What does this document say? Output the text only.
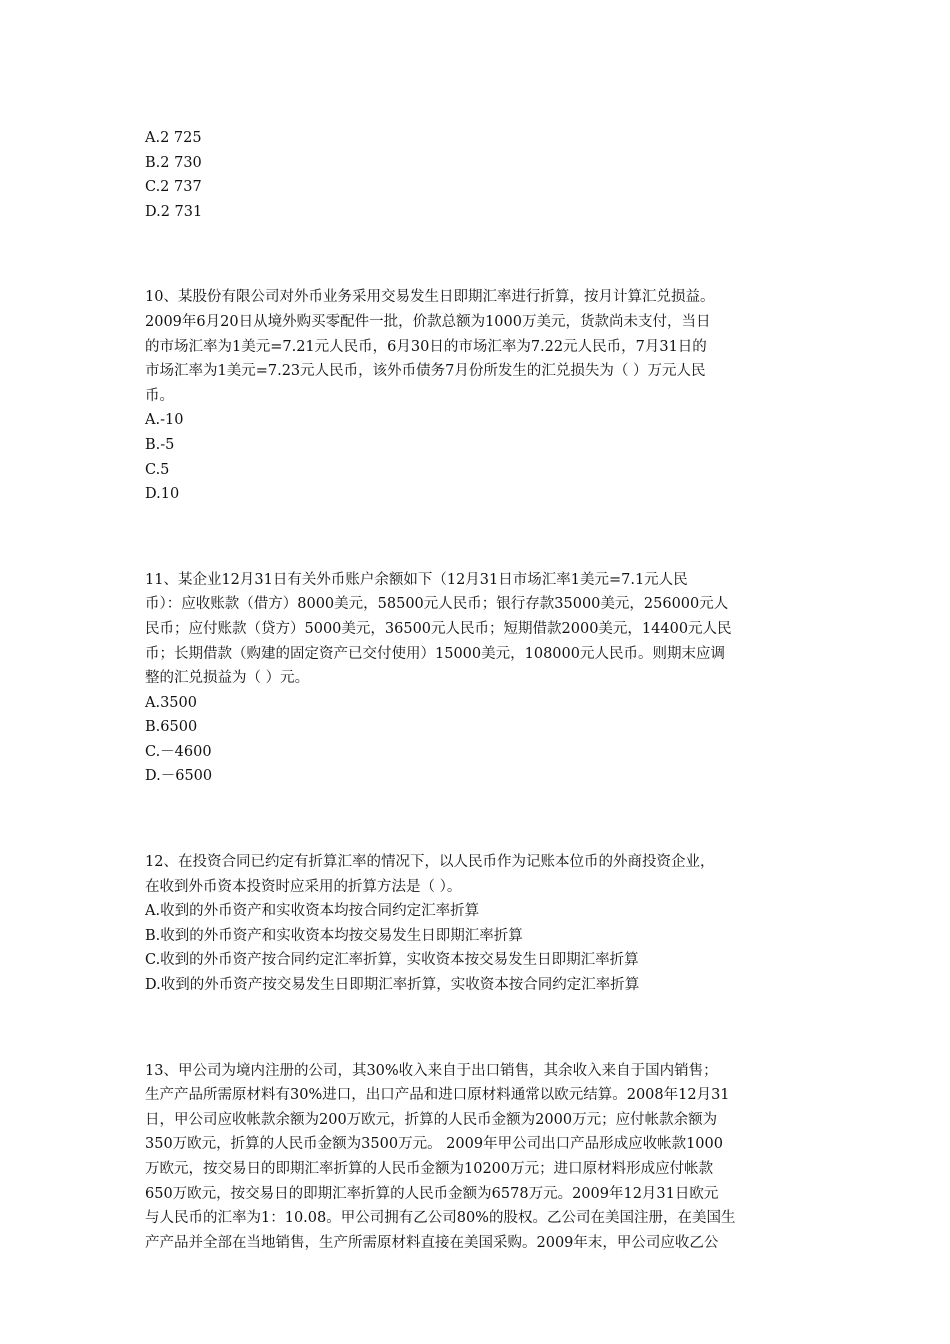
A.2 725
B.2 730
C.2 737
D.2 731
10、某股份有限公司对外币业务采用交易发生日即期汇率进行折算，按月计算汇兑损益。
2009年6月20日从境外购买零配件一批，价款总额为1000万美元，货款尚未支付，当日
的市场汇率为1美元=7.21元人民币，6月30日的市场汇率为7.22元人民币，7月31日的
市场汇率为1美元=7.23元人民币，该外币债务7月份所发生的汇兑损失为（ ）万元人民
币。
A.-10
B.-5
C.5
D.10
11、某企业12月31日有关外币账户余额如下（12月31日市场汇率1美元=7.1元人民
币）：应收账款（借方）8000美元，58500元人民币；银行存款35000美元，256000元人
民币；应付账款（贷方）5000美元，36500元人民币；短期借款2000美元，14400元人民
币；长期借款（购建的固定资产已交付使用）15000美元，108000元人民币。则期末应调
整的汇兑损益为（ ）元。
A.3500
B.6500
C.－4600
D.－6500
12、在投资合同已约定有折算汇率的情况下，以人民币作为记账本位币的外商投资企业，
在收到外币资本投资时应采用的折算方法是（ ）。
A.收到的外币资产和实收资本均按合同约定汇率折算
B.收到的外币资产和实收资本均按交易发生日即期汇率折算
C.收到的外币资产按合同约定汇率折算，实收资本按交易发生日即期汇率折算
D.收到的外币资产按交易发生日即期汇率折算，实收资本按合同约定汇率折算
13、甲公司为境内注册的公司，其30%收入来自于出口销售，其余收入来自于国内销售；
生产产品所需原材料有30%进口，出口产品和进口原材料通常以欧元结算。2008年12月31
日，甲公司应收帐款余额为200万欧元，折算的人民币金额为2000万元；应付帐款余额为
350万欧元，折算的人民币金额为3500万元。 2009年甲公司出口产品形成应收帐款1000
万欧元，按交易日的即期汇率折算的人民币金额为10200万元；进口原材料形成应付帐款
650万欧元，按交易日的即期汇率折算的人民币金额为6578万元。2009年12月31日欧元
与人民币的汇率为1：10.08。甲公司拥有乙公司80%的股权。乙公司在美国注册，在美国生
产产品并全部在当地销售，生产所需原材料直接在美国采购。2009年末，甲公司应收乙公
